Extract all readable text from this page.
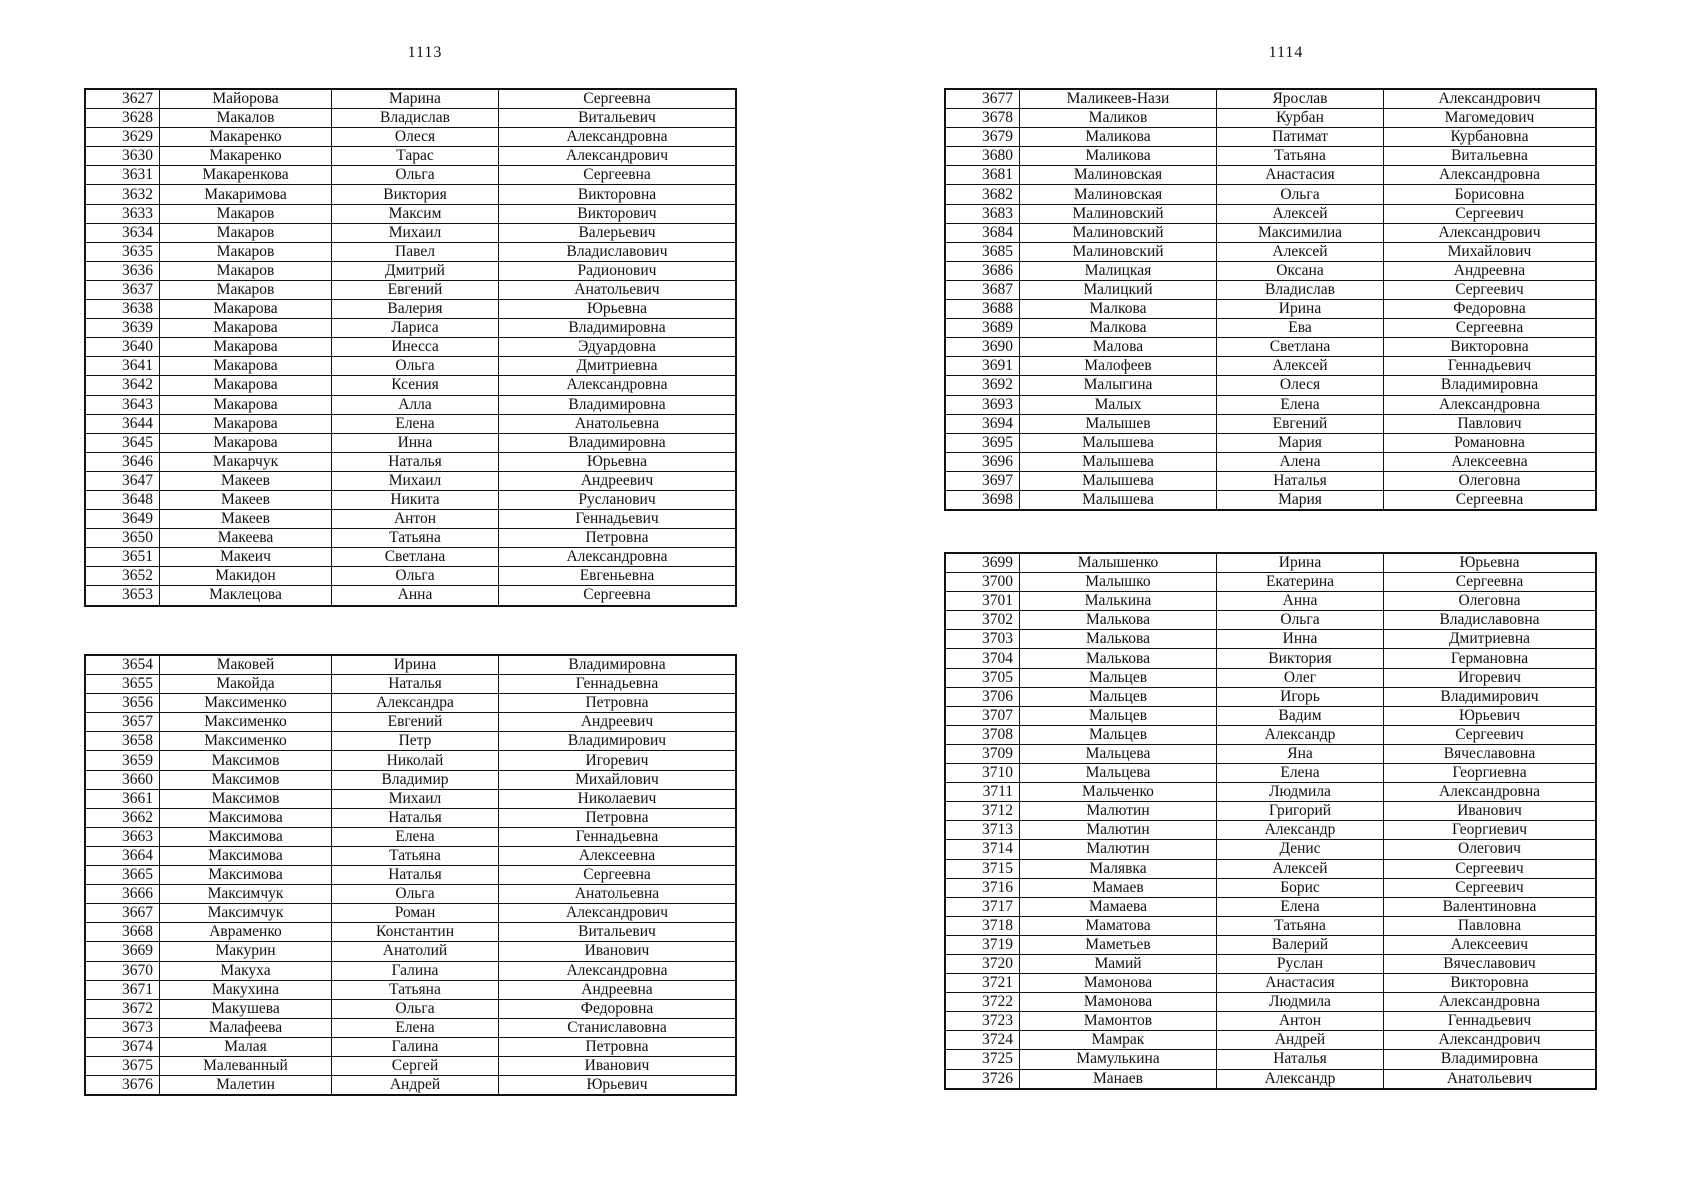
1113	1114
3627	Майорова	Марина	Сергеевна
3628	Макалов	Владислав	Витальевич
3629	Макаренко	Олеся	Александровна
3630	Макаренко	Тарас	Александрович
3631	Макаренкова	Ольга	Сергеевна
3632	Макаримова	Виктория	Викторовна
3633	Макаров	Максим	Викторович
3634	Макаров	Михаил	Валерьевич
3635	Макаров	Павел	Владиславович
3636	Макаров	Дмитрий	Радионович
3637	Макаров	Евгений	Анатольевич
3638	Макарова	Валерия	Юрьевна
3639	Макарова	Лариса	Владимировна
3640	Макарова	Инесса	Эдуардовна
3641	Макарова	Ольга	Дмитриевна
3642	Макарова	Ксения	Александровна
3643	Макарова	Алла	Владимировна
3644	Макарова	Елена	Анатольевна
3645	Макарова	Инна	Владимировна
3646	Макарчук	Наталья	Юрьевна
3647	Макеев	Михаил	Андреевич
3648	Макеев	Никита	Русланович
3649	Макеев	Антон	Геннадьевич
3650	Макеева	Татьяна	Петровна
3651	Макеич	Светлана	Александровна
3652	Макидон	Ольга	Евгеньевна
3653	Маклецова	Анна	Сергеевна
3654	Маковей	Ирина	Владимировна
3655	Макойда	Наталья	Геннадьевна
3656	Максименко	Александра	Петровна
3657	Максименко	Евгений	Андреевич
3658	Максименко	Петр	Владимирович
3659	Максимов	Николай	Игоревич
3660	Максимов	Владимир	Михайлович
3661	Максимов	Михаил	Николаевич
3662	Максимова	Наталья	Петровна
3663	Максимова	Елена	Геннадьевна
3664	Максимова	Татьяна	Алексеевна
3665	Максимова	Наталья	Сергеевна
3666	Максимчук	Ольга	Анатольевна
3667	Максимчук	Роман	Александрович
3668	Авраменко	Константин	Витальевич
3669	Макурин	Анатолий	Иванович
3670	Макуха	Галина	Александровна
3671	Макухина	Татьяна	Андреевна
3672	Макушева	Ольга	Федоровна
3673	Малафеева	Елена	Станиславовна
3674	Малая	Галина	Петровна
3675	Малеванный	Сергей	Иванович
3676	Малетин	Андрей	Юрьевич
3677	Маликеев-Нази	Ярослав	Александрович
3678	Маликов	Курбан	Магомедович
3679	Маликова	Патимат	Курбановна
3680	Маликова	Татьяна	Витальевна
3681	Малиновская	Анастасия	Александровна
3682	Малиновская	Ольга	Борисовна
3683	Малиновский	Алексей	Сергеевич
3684	Малиновский	Максимилиа	Александрович
3685	Малиновский	Алексей	Михайлович
3686	Малицкая	Оксана	Андреевна
3687	Малицкий	Владислав	Сергеевич
3688	Малкова	Ирина	Федоровна
3689	Малкова	Ева	Сергеевна
3690	Малова	Светлана	Викторовна
3691	Малофеев	Алексей	Геннадьевич
3692	Малыгина	Олеся	Владимировна
3693	Малых	Елена	Александровна
3694	Малышев	Евгений	Павлович
3695	Малышева	Мария	Романовна
3696	Малышева	Алена	Алексеевна
3697	Малышева	Наталья	Олеговна
3698	Малышева	Мария	Сергеевна
3699	Малышенко	Ирина	Юрьевна
3700	Малышко	Екатерина	Сергеевна
3701	Малькина	Анна	Олеговна
3702	Малькова	Ольга	Владиславовна
3703	Малькова	Инна	Дмитриевна
3704	Малькова	Виктория	Германовна
3705	Мальцев	Олег	Игоревич
3706	Мальцев	Игорь	Владимирович
3707	Мальцев	Вадим	Юрьевич
3708	Мальцев	Александр	Сергеевич
3709	Мальцева	Яна	Вячеславовна
3710	Мальцева	Елена	Георгиевна
3711	Мальченко	Людмила	Александровна
3712	Малютин	Григорий	Иванович
3713	Малютин	Александр	Георгиевич
3714	Малютин	Денис	Олегович
3715	Малявка	Алексей	Сергеевич
3716	Мамаев	Борис	Сергеевич
3717	Мамаева	Елена	Валентиновна
3718	Маматова	Татьяна	Павловна
3719	Маметьев	Валерий	Алексеевич
3720	Мамий	Руслан	Вячеславович
3721	Мамонова	Анастасия	Викторовна
3722	Мамонова	Людмила	Александровна
3723	Мамонтов	Антон	Геннадьевич
3724	Мамрак	Андрей	Александрович
3725	Мамулькина	Наталья	Владимировна
3726	Манаев	Александр	Анатольевич
